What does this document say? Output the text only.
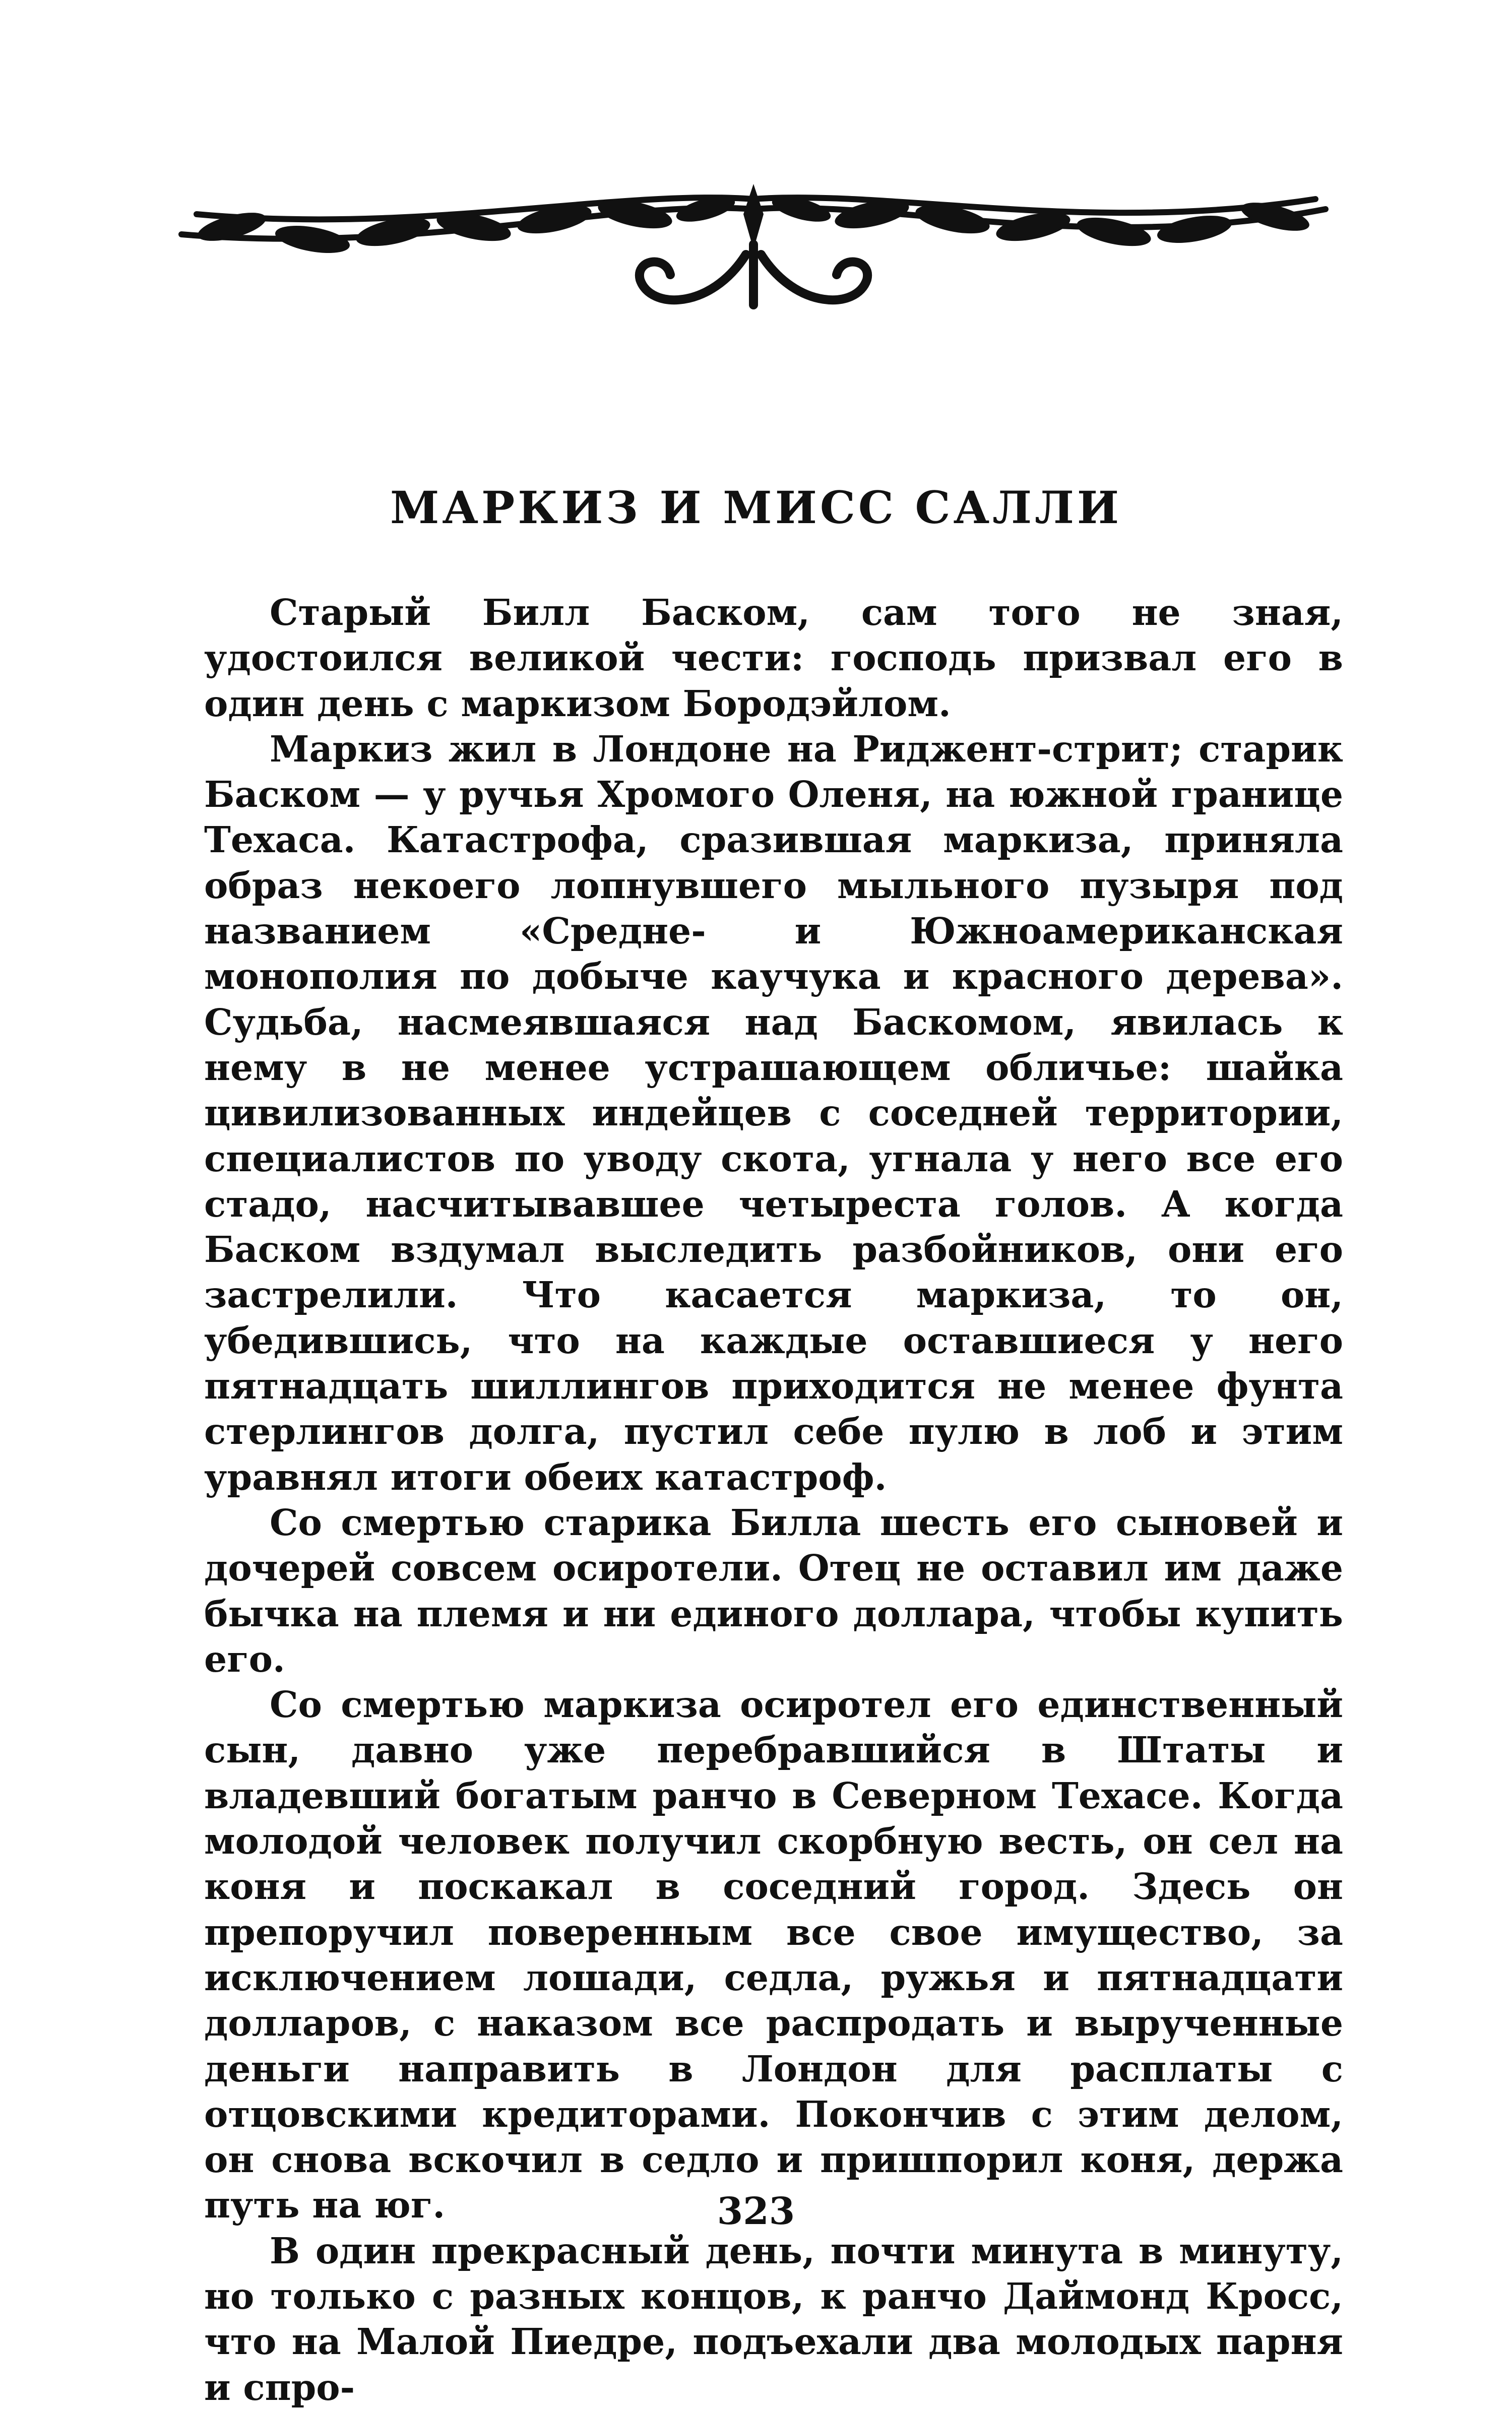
МАРКИЗ И МИСС САЛЛИ

Старый Билл Баском, сам того не зная, удостоился великой чести: господь призвал его в один день с маркизом Бородэйлом.

Маркиз жил в Лондоне на Риджент-стрит; старик Баском — у ручья Хромого Оленя, на южной границе Техаса. Катастрофа, сразившая маркиза, приняла образ некоего лопнувшего мыльного пузыря под названием «Средне- и Южноамериканская монополия по добыче каучука и красного дерева». Судьба, насмеявшаяся над Баскомом, явилась к нему в не менее устрашающем обличье: шайка цивилизованных индейцев с соседней территории, специалистов по уводу скота, угнала у него все его стадо, насчитывавшее четыреста голов. А когда Баском вздумал выследить разбойников, они его застрелили. Что касается маркиза, то он, убедившись, что на каждые оставшиеся у него пятнадцать шиллингов приходится не менее фунта стерлингов долга, пустил себе пулю в лоб и этим уравнял итоги обеих катастроф.

Со смертью старика Билла шесть его сыновей и дочерей совсем осиротели. Отец не оставил им даже бычка на племя и ни единого доллара, чтобы купить его.

Со смертью маркиза осиротел его единственный сын, давно уже перебравшийся в Штаты и владевший богатым ранчо в Северном Техасе. Когда молодой человек получил скорбную весть, он сел на коня и поскакал в соседний город. Здесь он препоручил поверенным все свое имущество, за исключением лошади, седла, ружья и пятнадцати долларов, с наказом все распродать и вырученные деньги направить в Лондон для расплаты с отцовскими кредиторами. Покончив с этим делом, он снова вскочил в седло и пришпорил коня, держа путь на юг.

В один прекрасный день, почти минута в минуту, но только с разных концов, к ранчо Даймонд Кросс, что на Малой Пиедре, подъехали два молодых парня и спро-

323
